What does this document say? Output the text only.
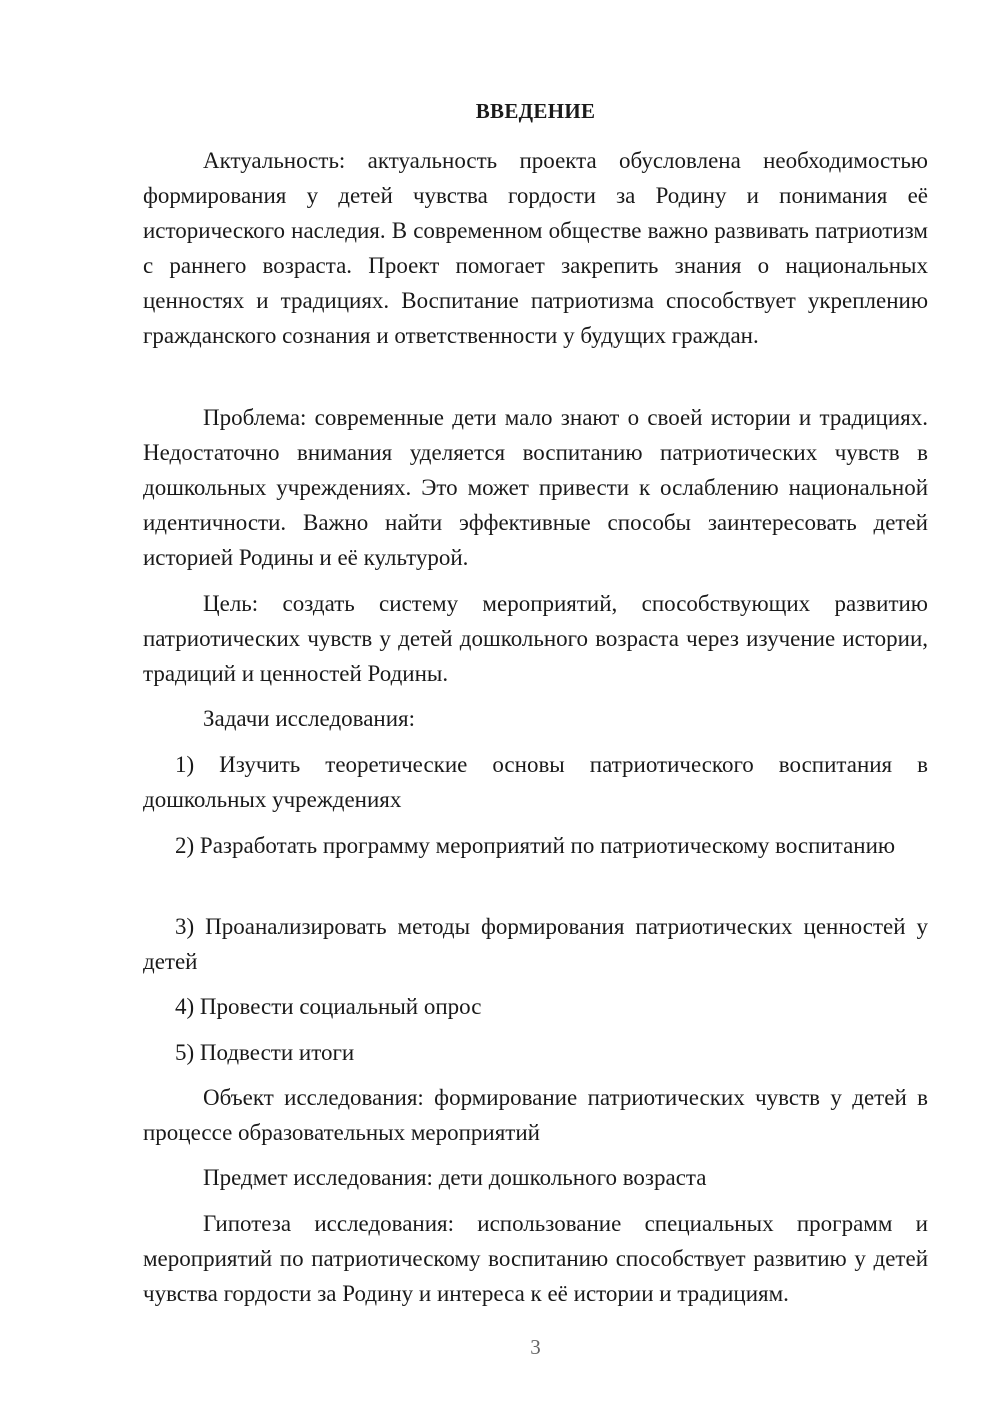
ВВЕДЕНИЕ

Актуальность: актуальность проекта обусловлена необходимостью формирования у детей чувства гордости за Родину и понимания её исторического наследия. В современном обществе важно развивать патриотизм с раннего возраста. Проект помогает закрепить знания о национальных ценностях и традициях. Воспитание патриотизма способствует укреплению гражданского сознания и ответственности у будущих граждан.

Проблема: современные дети мало знают о своей истории и традициях. Недостаточно внимания уделяется воспитанию патриотических чувств в дошкольных учреждениях. Это может привести к ослаблению национальной идентичности. Важно найти эффективные способы заинтересовать детей историей Родины и её культурой.

Цель: создать систему мероприятий, способствующих развитию патриотических чувств у детей дошкольного возраста через изучение истории, традиций и ценностей Родины.

Задачи исследования:

1) Изучить теоретические основы патриотического воспитания в дошкольных учреждениях

2) Разработать программу мероприятий по патриотическому воспитанию

3) Проанализировать методы формирования патриотических ценностей у детей

4) Провести социальный опрос

5) Подвести итоги

Объект исследования: формирование патриотических чувств у детей в процессе образовательных мероприятий

Предмет исследования: дети дошкольного возраста

Гипотеза исследования: использование специальных программ и мероприятий по патриотическому воспитанию способствует развитию у детей чувства гордости за Родину и интереса к её истории и традициям.

3
